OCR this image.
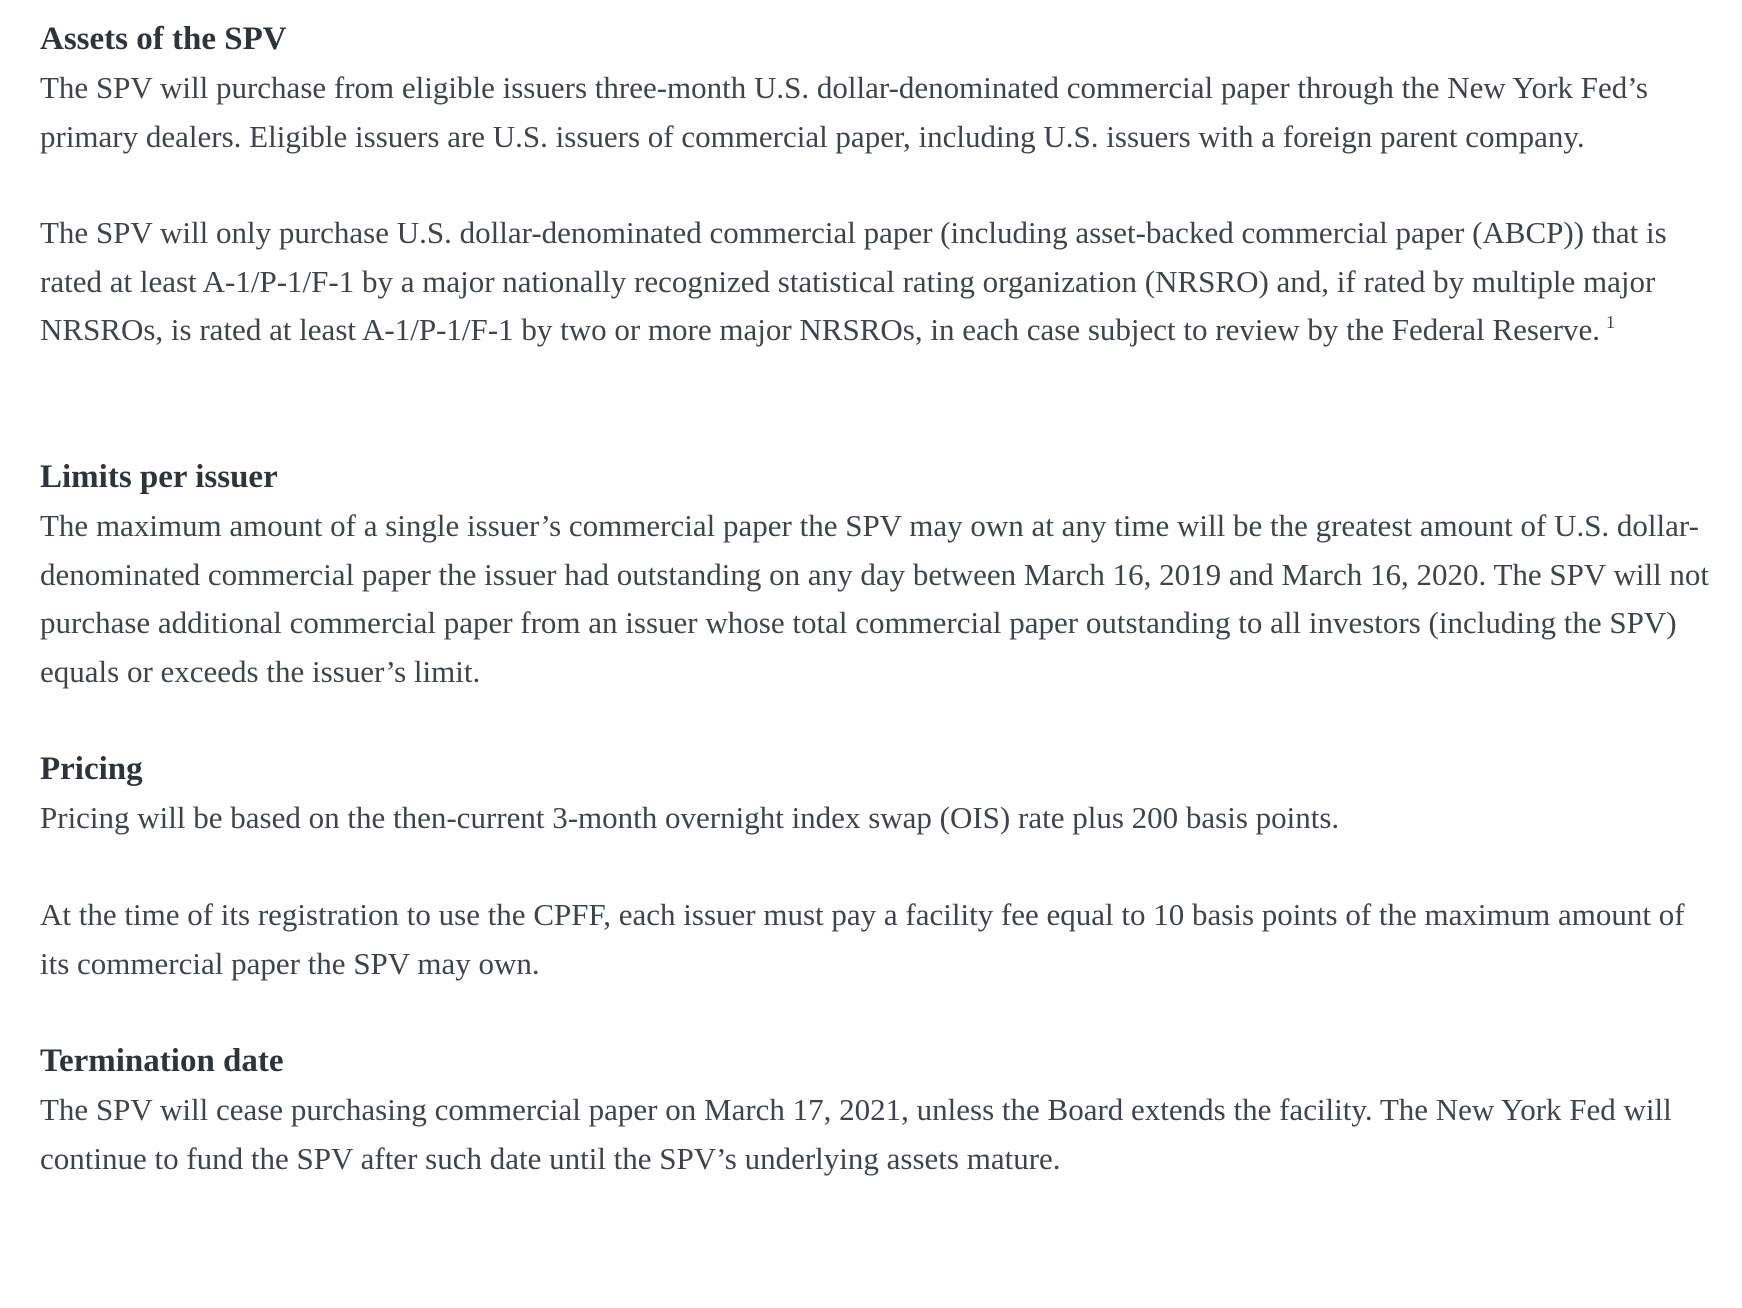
Assets of the SPV

The SPV will purchase from eligible issuers three-month U.S. dollar-denominated commercial paper through the New York Fed’s primary dealers. Eligible issuers are U.S. issuers of commercial paper, including U.S. issuers with a foreign parent company.

The SPV will only purchase U.S. dollar-denominated commercial paper (including asset-backed commercial paper (ABCP)) that is rated at least A-1/P-1/F-1 by a major nationally recognized statistical rating organization (NRSRO) and, if rated by multiple major NRSROs, is rated at least A-1/P-1/F-1 by two or more major NRSROs, in each case subject to review by the Federal Reserve. $^1$

Limits per issuer

The maximum amount of a single issuer’s commercial paper the SPV may own at any time will be the greatest amount of U.S. dollar-denominated commercial paper the issuer had outstanding on any day between March 16, 2019 and March 16, 2020. The SPV will not purchase additional commercial paper from an issuer whose total commercial paper outstanding to all investors (including the SPV) equals or exceeds the issuer’s limit.

Pricing

Pricing will be based on the then-current 3-month overnight index swap (OIS) rate plus 200 basis points.

At the time of its registration to use the CPFF, each issuer must pay a facility fee equal to 10 basis points of the maximum amount of its commercial paper the SPV may own.

Termination date

The SPV will cease purchasing commercial paper on March 17, 2021, unless the Board extends the facility. The New York Fed will continue to fund the SPV after such date until the SPV’s underlying assets mature.
